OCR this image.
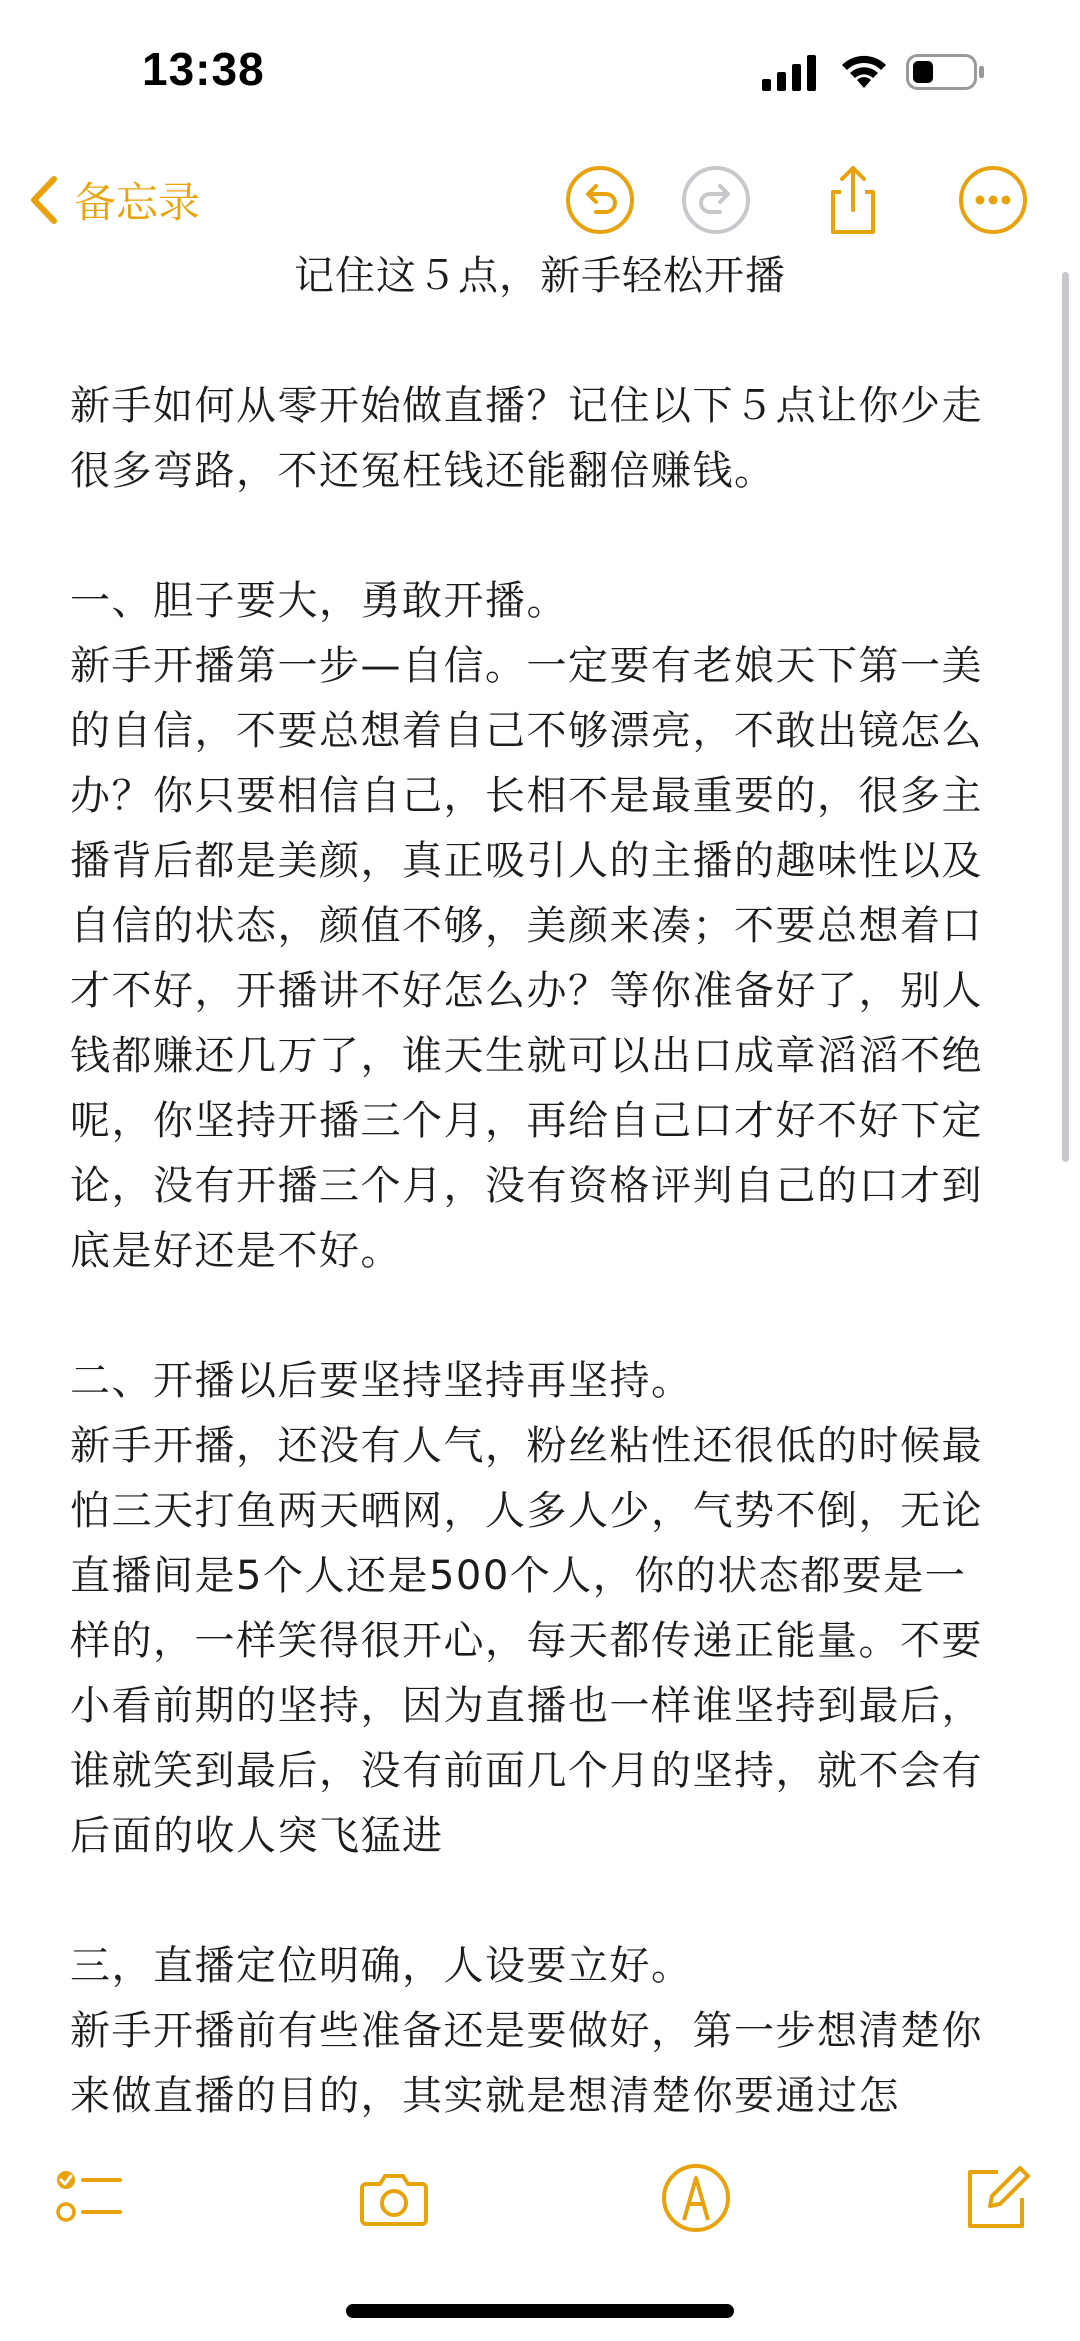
13:38
备忘录
记住这５点，新手轻松开播

新手如何从零开始做直播？记住以下５点让你少走很多弯路，不还冤枉钱还能翻倍赚钱。

一、胆子要大，勇敢开播。

新手开播第一步—自信。一定要有老娘天下第一美的自信，不要总想着自己不够漂亮，不敢出镜怎么办？你只要相信自己，长相不是最重要的，很多主播背后都是美颜，真正吸引人的主播的趣味性以及自信的状态，颜值不够，美颜来凑；不要总想着口才不好，开播讲不好怎么办？等你准备好了，别人钱都赚还几万了，谁天生就可以出口成章滔滔不绝呢，你坚持开播三个月，再给自己口才好不好下定论，没有开播三个月，没有资格评判自己的口才到底是好还是不好。

二、开播以后要坚持坚持再坚持。

新手开播，还没有人气，粉丝粘性还很低的时候最怕三天打鱼两天晒网，人多人少，气势不倒，无论直播间是5个人还是500个人，你的状态都要是一样的，一样笑得很开心，每天都传递正能量。不要小看前期的坚持，因为直播也一样谁坚持到最后，谁就笑到最后，没有前面几个月的坚持，就不会有后面的收人突飞猛进

三，直播定位明确，人设要立好。

新手开播前有些准备还是要做好，第一步想清楚你来做直播的目的，其实就是想清楚你要通过怎
